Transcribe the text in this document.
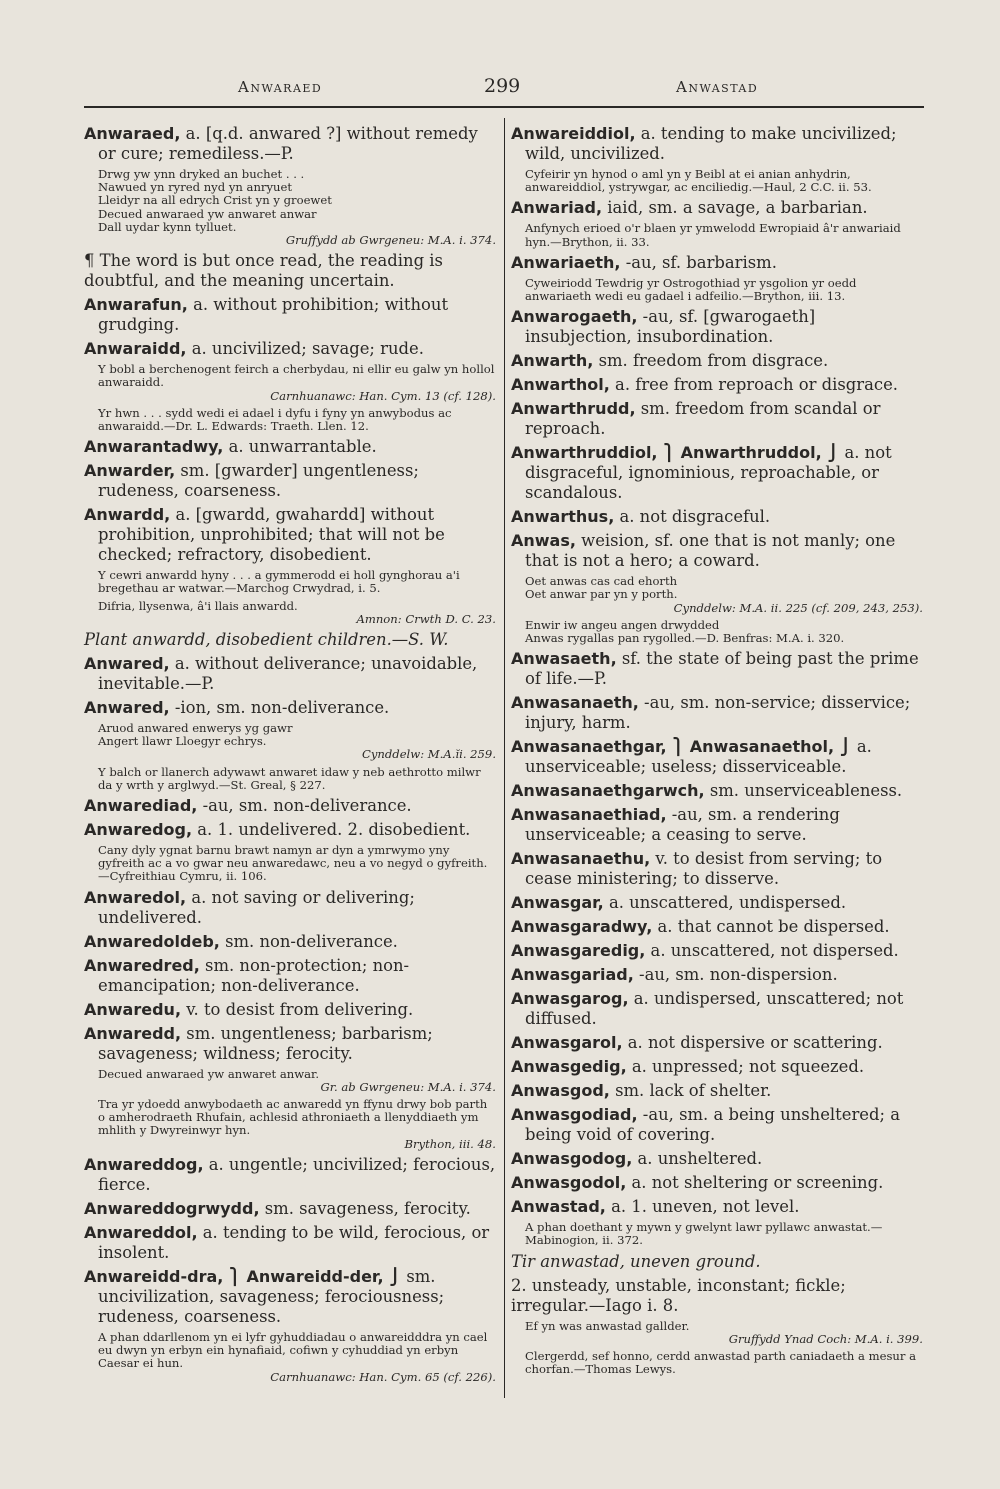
Anwaraed	299	Anwastad
Anwaraed, a. [q.d. anwared ?] without remedy or cure; remediless.—P.
Drwg yw ynn dryked an buchet . . .
Nawued yn ryred nyd yn anryuet
Lleidyr na all edrych Crist yn y groewet
Decued anwaraed yw anwaret anwar
Dall uydar kynn tylluet.
Gruffydd ab Gwrgeneu: M.A. i. 374.
¶ The word is but once read, the reading is doubtful, and the meaning uncertain.
Anwarafun, a. without prohibition; without grudging.
Anwaraidd, a. uncivilized; savage; rude.
Y bobl a berchenogent feirch a cherbydau, ni ellir eu galw yn hollol anwaraidd.
Carnhuanawc: Han. Cym. 13 (cf. 128).
Yr hwn . . . sydd wedi ei adael i dyfu i fyny yn anwybodus ac anwaraidd.—Dr. L. Edwards: Traeth. Llen. 12.
Anwarantadwy, a. unwarrantable.
Anwarder, sm. [gwarder] ungentleness; rudeness, coarseness.
Anwardd, a. [gwardd, gwahardd] without prohibition, unprohibited; that will not be checked; refractory, disobedient.
Y cewri anwardd hyny . . . a gymmerodd ei holl gynghorau a'i bregethau ar watwar.—Marchog Crwydrad, i. 5.
Difria, llysenwa, â'i llais anwardd.
Amnon: Crwth D. C. 23.
Plant anwardd, disobedient children.—S. W.
Anwared, a. without deliverance; unavoidable, inevitable.—P.
Anwared, -ion, sm. non-deliverance.
Aruod anwared enwerys yg gawr
Angert llawr Lloegyr echrys.
Cynddelw: M.A.ĭi. 259.
Y balch or llanerch adywawt anwaret idaw y neb aethrotto milwr da y wrth y arglwyd.—St. Greal, § 227.
Anwarediad, -au, sm. non-deliverance.
Anwaredog, a. 1. undelivered. 2. disobedient.
Cany dyly ygnat barnu brawt namyn ar dyn a ymrwymo yny gyfreith ac a vo gwar neu anwaredawc, neu a vo negyd o gyfreith.—Cyfreithiau Cymru, ii. 106.
Anwaredol, a. not saving or delivering; undelivered.
Anwaredoldeb, sm. non-deliverance.
Anwaredred, sm. non-protection; non-emancipation; non-deliverance.
Anwaredu, v. to desist from delivering.
Anwaredd, sm. ungentleness; barbarism; savageness; wildness; ferocity.
Decued anwaraed yw anwaret anwar.
Gr. ab Gwrgeneu: M.A. i. 374.
Tra yr ydoedd anwybodaeth ac anwaredd yn ffynu drwy bob parth o amherodraeth Rhufain, achlesid athroniaeth a llenyddiaeth ym mhlith y Dwyreinwyr hyn.
Brython, iii. 48.
Anwareddog, a. ungentle; uncivilized; ferocious, fierce.
Anwareddogrwydd, sm. savageness, ferocity.
Anwareddol, a. tending to be wild, ferocious, or insolent.
Anwareidd-dra, ⎫ Anwareidd-der, ⎭ sm. uncivilization, savageness; ferociousness; rudeness, coarseness.
A phan ddarllenom yn ei lyfr gyhuddiadau o anwareidddra yn cael eu dwyn yn erbyn ein hynafiaid, cofiwn y cyhuddiad yn erbyn Caesar ei hun.
Carnhuanawc: Han. Cym. 65 (cf. 226).
Anwareiddiol, a. tending to make uncivilized; wild, uncivilized.
Cyfeirir yn hynod o aml yn y Beibl at ei anian anhydrin, anwareiddiol, ystrywgar, ac enciliedig.—Haul, 2 C.C. ii. 53.
Anwariad, iaid, sm. a savage, a barbarian.
Anfynych erioed o'r blaen yr ymwelodd Ewropiaid â'r anwariaid hyn.—Brython, ii. 33.
Anwariaeth, -au, sf. barbarism.
Cyweiriodd Tewdrig yr Ostrogothiad yr ysgolion yr oedd anwariaeth wedi eu gadael i adfeilio.—Brython, iii. 13.
Anwarogaeth, -au, sf. [gwarogaeth] insubjection, insubordination.
Anwarth, sm. freedom from disgrace.
Anwarthol, a. free from reproach or disgrace.
Anwarthrudd, sm. freedom from scandal or reproach.
Anwarthruddiol, ⎫ Anwarthruddol, ⎭ a. not disgraceful, ignominious, reproachable, or scandalous.
Anwarthus, a. not disgraceful.
Anwas, weision, sf. one that is not manly; one that is not a hero; a coward.
Oet anwas cas cad ehorth
Oet anwar par yn y porth.
Cynddelw: M.A. ii. 225 (cf. 209, 243, 253).
Enwir iw angeu angen drwydded
Anwas rygallas pan rygolled.—D. Benfras: M.A. i. 320.
Anwasaeth, sf. the state of being past the prime of life.—P.
Anwasanaeth, -au, sm. non-service; disservice; injury, harm.
Anwasanaethgar, ⎫ Anwasanaethol, ⎭ a. unserviceable; useless; disserviceable.
Anwasanaethgarwch, sm. unserviceableness.
Anwasanaethiad, -au, sm. a rendering unserviceable; a ceasing to serve.
Anwasanaethu, v. to desist from serving; to cease ministering; to disserve.
Anwasgar, a. unscattered, undispersed.
Anwasgaradwy, a. that cannot be dispersed.
Anwasgaredig, a. unscattered, not dispersed.
Anwasgariad, -au, sm. non-dispersion.
Anwasgarog, a. undispersed, unscattered; not diffused.
Anwasgarol, a. not dispersive or scattering.
Anwasgedig, a. unpressed; not squeezed.
Anwasgod, sm. lack of shelter.
Anwasgodiad, -au, sm. a being unsheltered; a being void of covering.
Anwasgodog, a. unsheltered.
Anwasgodol, a. not sheltering or screening.
Anwastad, a. 1. uneven, not level.
A phan doethant y mywn y gwelynt lawr pyllawc anwastat.—Mabinogion, ii. 372.
Tir anwastad, uneven ground.
2. unsteady, unstable, inconstant; fickle; irregular.—Iago i. 8.
Ef yn was anwastad gallder.
Gruffydd Ynad Coch: M.A. i. 399.
Clergerdd, sef honno, cerdd anwastad parth caniadaeth a mesur a chorfan.—Thomas Lewys.
